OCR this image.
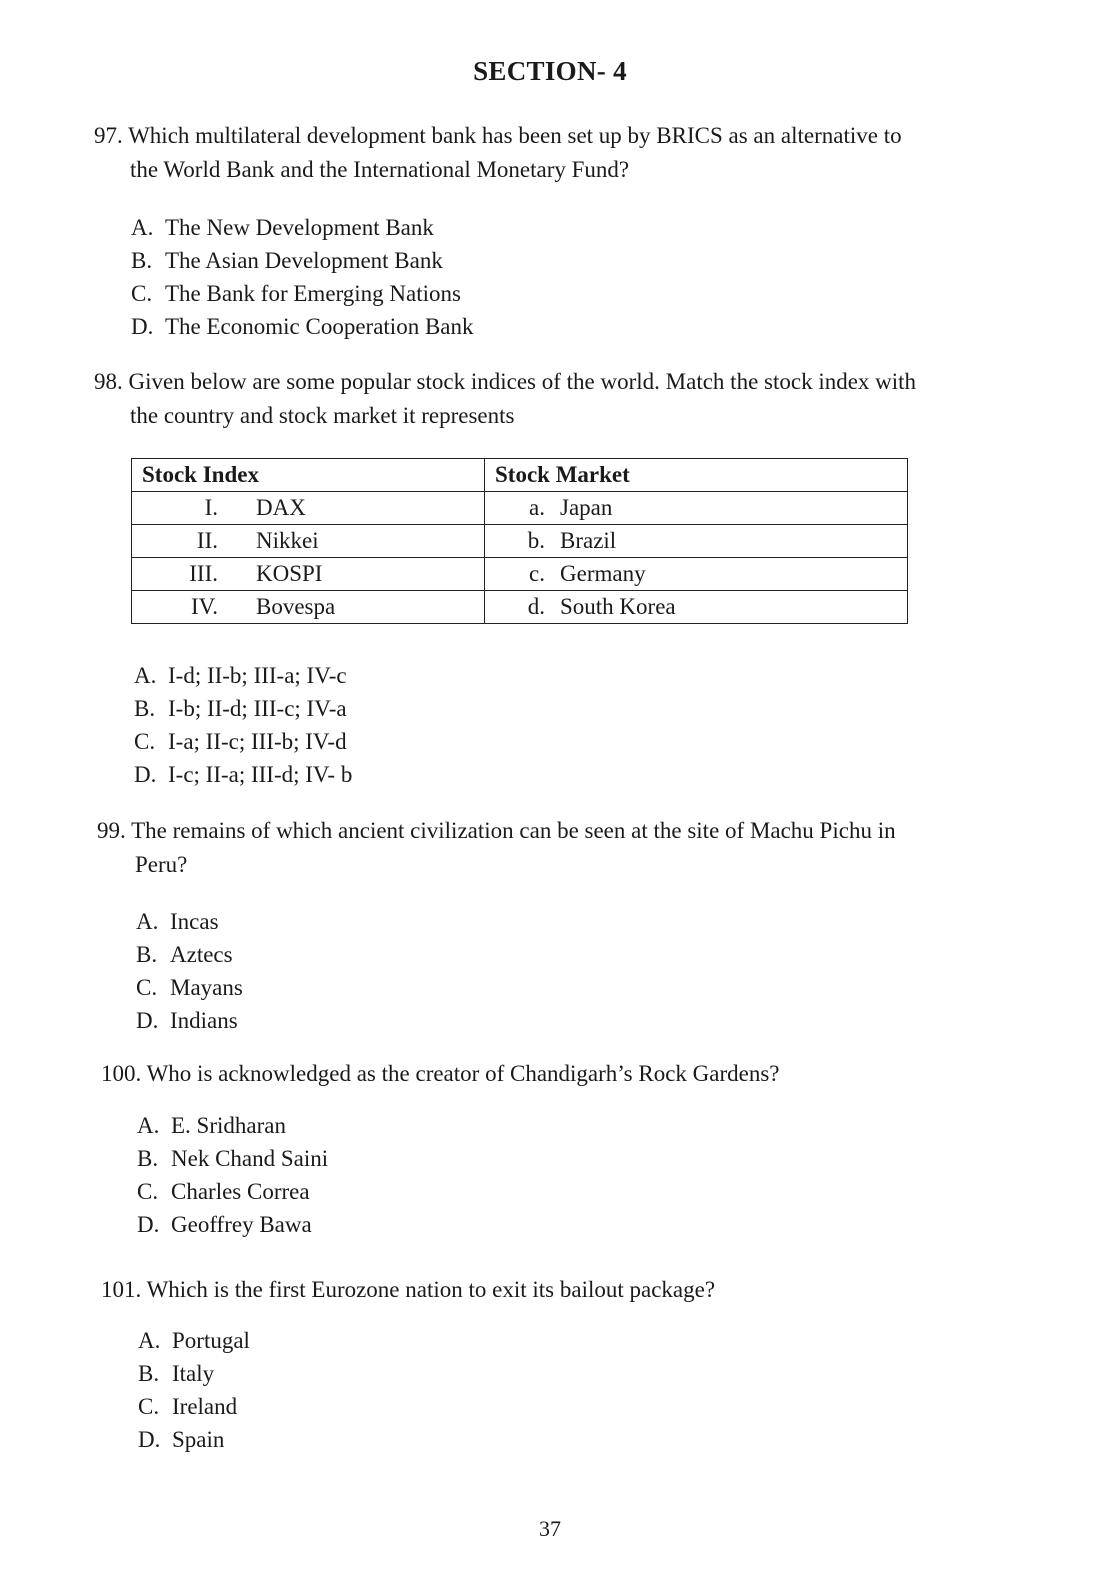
SECTION- 4
97. Which multilateral development bank has been set up by BRICS as an alternative to
the World Bank and the International Monetary Fund?
A. The New Development Bank
B. The Asian Development Bank
C. The Bank for Emerging Nations
D. The Economic Cooperation Bank
98. Given below are some popular stock indices of the world. Match the stock index with
the country and stock market it represents
Stock Index	Stock Market
I. DAX	a. Japan
II. Nikkei	b. Brazil
III. KOSPI	c. Germany
IV. Bovespa	d. South Korea
A. I-d; II-b; III-a; IV-c
B. I-b; II-d; III-c; IV-a
C. I-a; II-c; III-b; IV-d
D. I-c; II-a; III-d; IV- b
99. The remains of which ancient civilization can be seen at the site of Machu Pichu in
Peru?
A. Incas
B. Aztecs
C. Mayans
D. Indians
100. Who is acknowledged as the creator of Chandigarh’s Rock Gardens?
A. E. Sridharan
B. Nek Chand Saini
C. Charles Correa
D. Geoffrey Bawa
101. Which is the first Eurozone nation to exit its bailout package?
A. Portugal
B. Italy
C. Ireland
D. Spain
37
